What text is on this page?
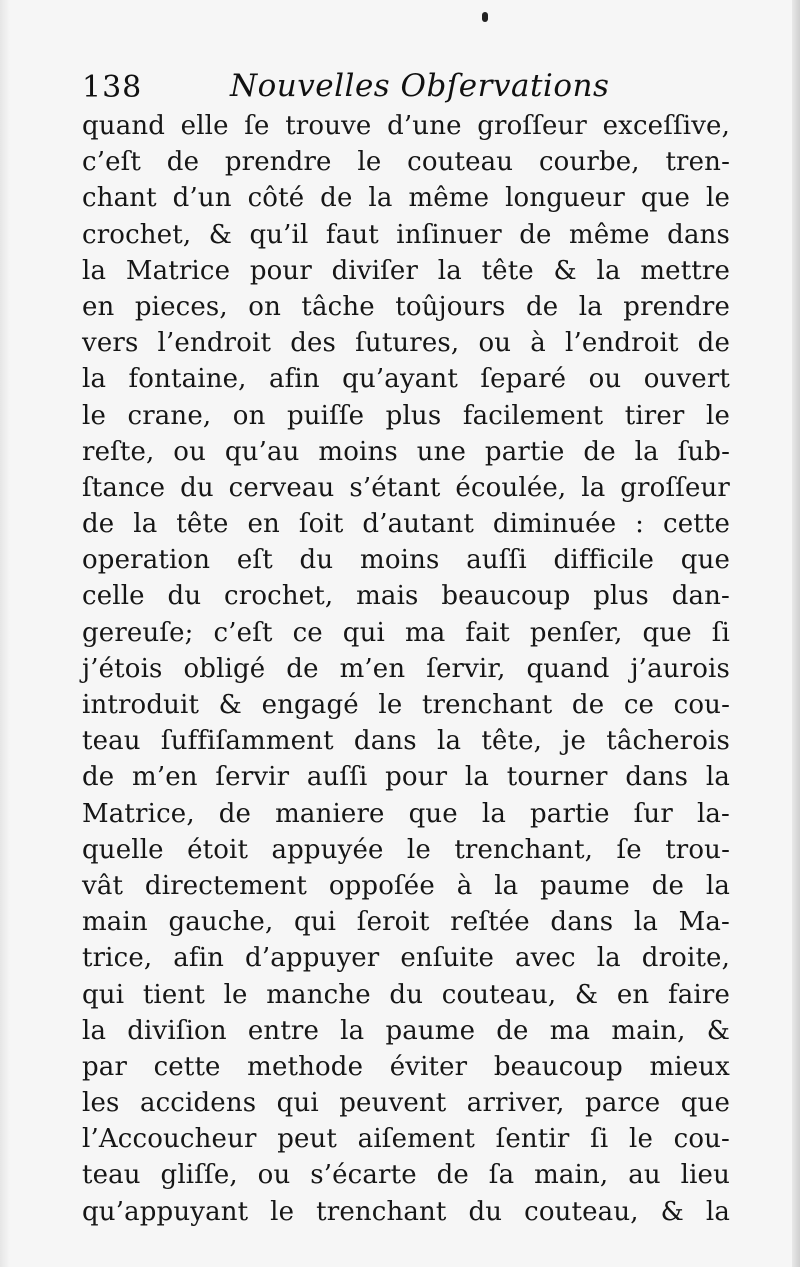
138	Nouvelles Obſervations
quand elle ſe trouve d’une groſſeur exceſſive,
c’eſt de prendre le couteau courbe, tren-
chant d’un côté de la même longueur que le
crochet, & qu’il faut inſinuer de même dans
la Matrice pour diviſer la tête & la mettre
en pieces, on tâche toûjours de la prendre
vers l’endroit des ſutures, ou à l’endroit de
la fontaine, afin qu’ayant ſeparé ou ouvert
le crane, on puiſſe plus facilement tirer le
reſte, ou qu’au moins une partie de la ſub-
ſtance du cerveau s’étant écoulée, la groſſeur
de la tête en ſoit d’autant diminuée : cette
operation eſt du moins auſſi difficile que
celle du crochet, mais beaucoup plus dan-
gereuſe; c’eſt ce qui ma fait penſer, que ſi
j’étois obligé de m’en ſervir, quand j’aurois
introduit & engagé le trenchant de ce cou-
teau ſuffiſamment dans la tête, je tâcherois
de m’en ſervir auſſi pour la tourner dans la
Matrice, de maniere que la partie ſur la-
quelle étoit appuyée le trenchant, ſe trou-
vât directement oppoſée à la paume de la
main gauche, qui ſeroit reſtée dans la Ma-
trice, afin d’appuyer enſuite avec la droite,
qui tient le manche du couteau, & en faire
la diviſion entre la paume de ma main, &
par cette methode éviter beaucoup mieux
les accidens qui peuvent arriver, parce que
l’Accoucheur peut aiſement ſentir ſi le cou-
teau gliſſe, ou s’écarte de ſa main, au lieu
qu’appuyant le trenchant du couteau, & la
